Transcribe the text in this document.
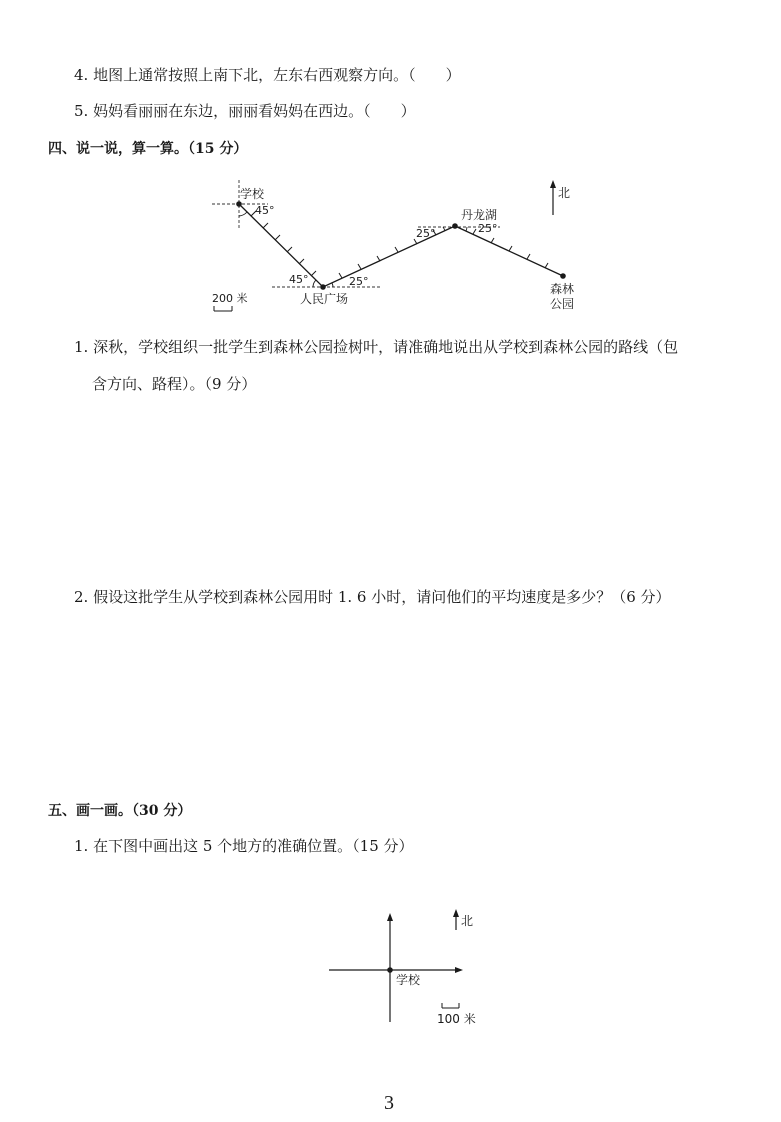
4. 地图上通常按照上南下北，左东右西观察方向。（　　）
5. 妈妈看丽丽在东边，丽丽看妈妈在西边。（　　）
四、说一说，算一算。（15 分）
北
学校
人民广场
丹龙湖
森林
公园
45°
45°	25°
25°	25°
200 米
学校
北
100 米
1. 深秋，学校组织一批学生到森林公园捡树叶，请准确地说出从学校到森林公园的路线（包
含方向、路程）。（9 分）
2. 假设这批学生从学校到森林公园用时 1. 6 小时，请问他们的平均速度是多少？（6 分）
五、画一画。（30 分）
1. 在下图中画出这 5 个地方的准确位置。（15 分）
3
